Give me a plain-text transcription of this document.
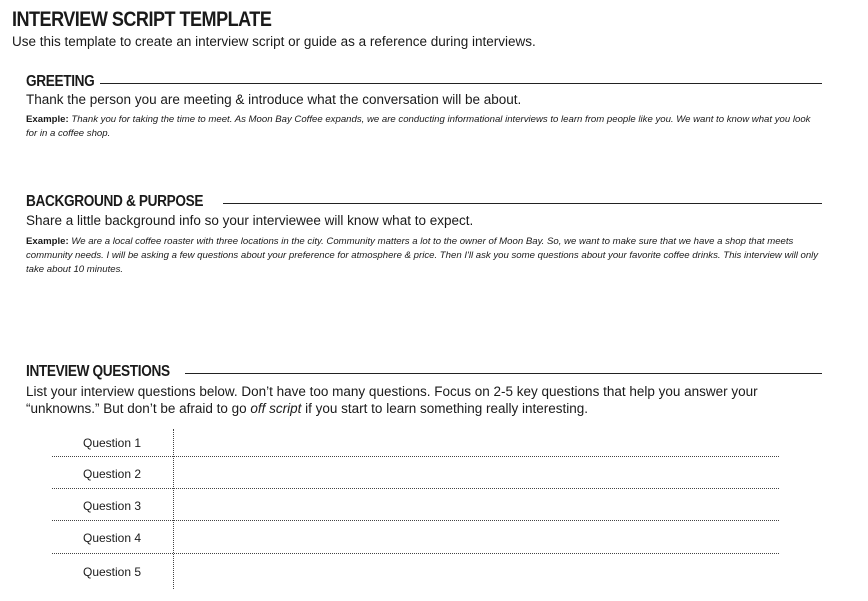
INTERVIEW SCRIPT TEMPLATE
Use this template to create an interview script or guide as a reference during interviews.
GREETING
Thank the person you are meeting & introduce what the conversation will be about.
Example: Thank you for taking the time to meet. As Moon Bay Coffee expands, we are conducting informational interviews to learn from people like you. We want to know what you look for in a coffee shop.
BACKGROUND & PURPOSE
Share a little background info so your interviewee will know what to expect.
Example: We are a local coffee roaster with three locations in the city. Community matters a lot to the owner of Moon Bay. So, we want to make sure that we have a shop that meets community needs. I will be asking a few questions about your preference for atmosphere & price. Then I'll ask you some questions about your favorite coffee drinks. This interview will only take about 10 minutes.
INTEVIEW QUESTIONS
List your interview questions below. Don’t have too many questions. Focus on 2-5 key questions that help you answer your “unknowns.” But don’t be afraid to go off script if you start to learn something really interesting.
Question 1
Question 2
Question 3
Question 4
Question 5
